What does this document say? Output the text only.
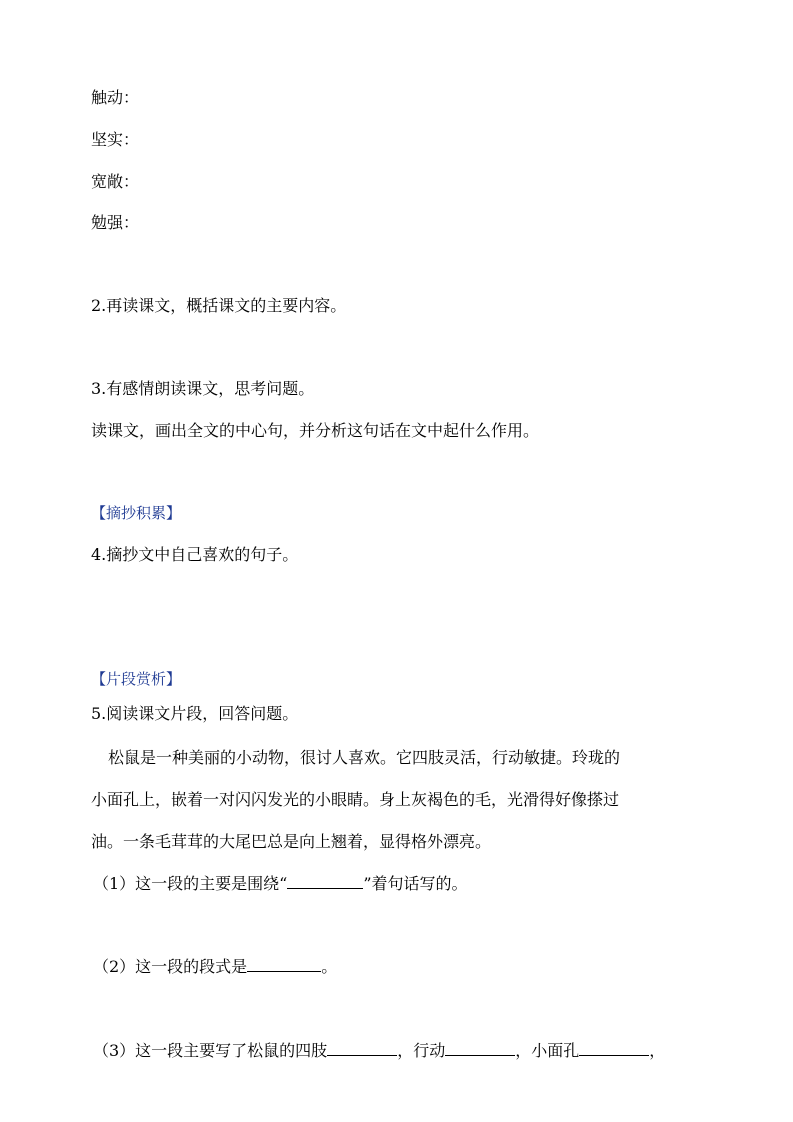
触动：
坚实：
宽敞：
勉强：
2.再读课文，概括课文的主要内容。
3.有感情朗读课文，思考问题。
读课文，画出全文的中心句，并分析这句话在文中起什么作用。
【摘抄积累】
4.摘抄文中自己喜欢的句子。
【片段赏析】
5.阅读课文片段，回答问题。
松鼠是一种美丽的小动物，很讨人喜欢。它四肢灵活，行动敏捷。玲珑的
小面孔上，嵌着一对闪闪发光的小眼睛。身上灰褐色的毛，光滑得好像搽过
油。一条毛茸茸的大尾巴总是向上翘着，显得格外漂亮。
（1）这一段的主要是围绕“	”着句话写的。
（2）这一段的段式是	。
（3）这一段主要写了松鼠的四肢	，行动	，小面孔	，
